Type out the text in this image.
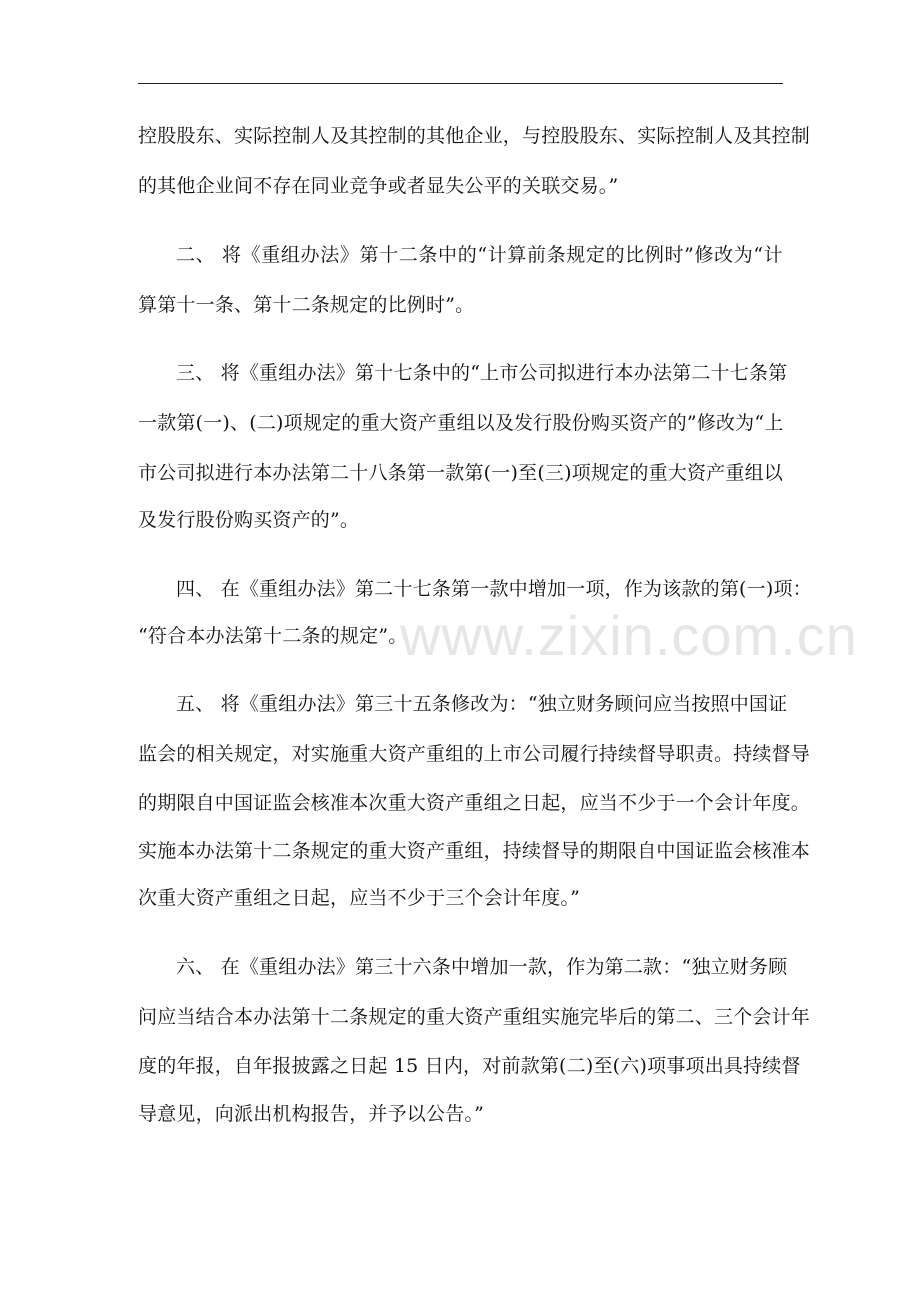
www.zixin.com.cn
控股股东、实际控制人及其控制的其他企业，与控股股东、实际控制人及其控制
的其他企业间不存在同业竞争或者显失公平的关联交易。”
二、 将《重组办法》第十二条中的“计算前条规定的比例时”修改为“计
算第十一条、第十二条规定的比例时”。
三、 将《重组办法》第十七条中的“上市公司拟进行本办法第二十七条第
一款第(一)、(二)项规定的重大资产重组以及发行股份购买资产的”修改为“上
市公司拟进行本办法第二十八条第一款第(一)至(三)项规定的重大资产重组以
及发行股份购买资产的”。
四、 在《重组办法》第二十七条第一款中增加一项，作为该款的第(一)项：
“符合本办法第十二条的规定”。
五、 将《重组办法》第三十五条修改为：“独立财务顾问应当按照中国证
监会的相关规定，对实施重大资产重组的上市公司履行持续督导职责。持续督导
的期限自中国证监会核准本次重大资产重组之日起，应当不少于一个会计年度。
实施本办法第十二条规定的重大资产重组，持续督导的期限自中国证监会核准本
次重大资产重组之日起，应当不少于三个会计年度。”
六、 在《重组办法》第三十六条中增加一款，作为第二款：“独立财务顾
问应当结合本办法第十二条规定的重大资产重组实施完毕后的第二、三个会计年
度的年报，自年报披露之日起 15 日内，对前款第(二)至(六)项事项出具持续督
导意见，向派出机构报告，并予以公告。”
